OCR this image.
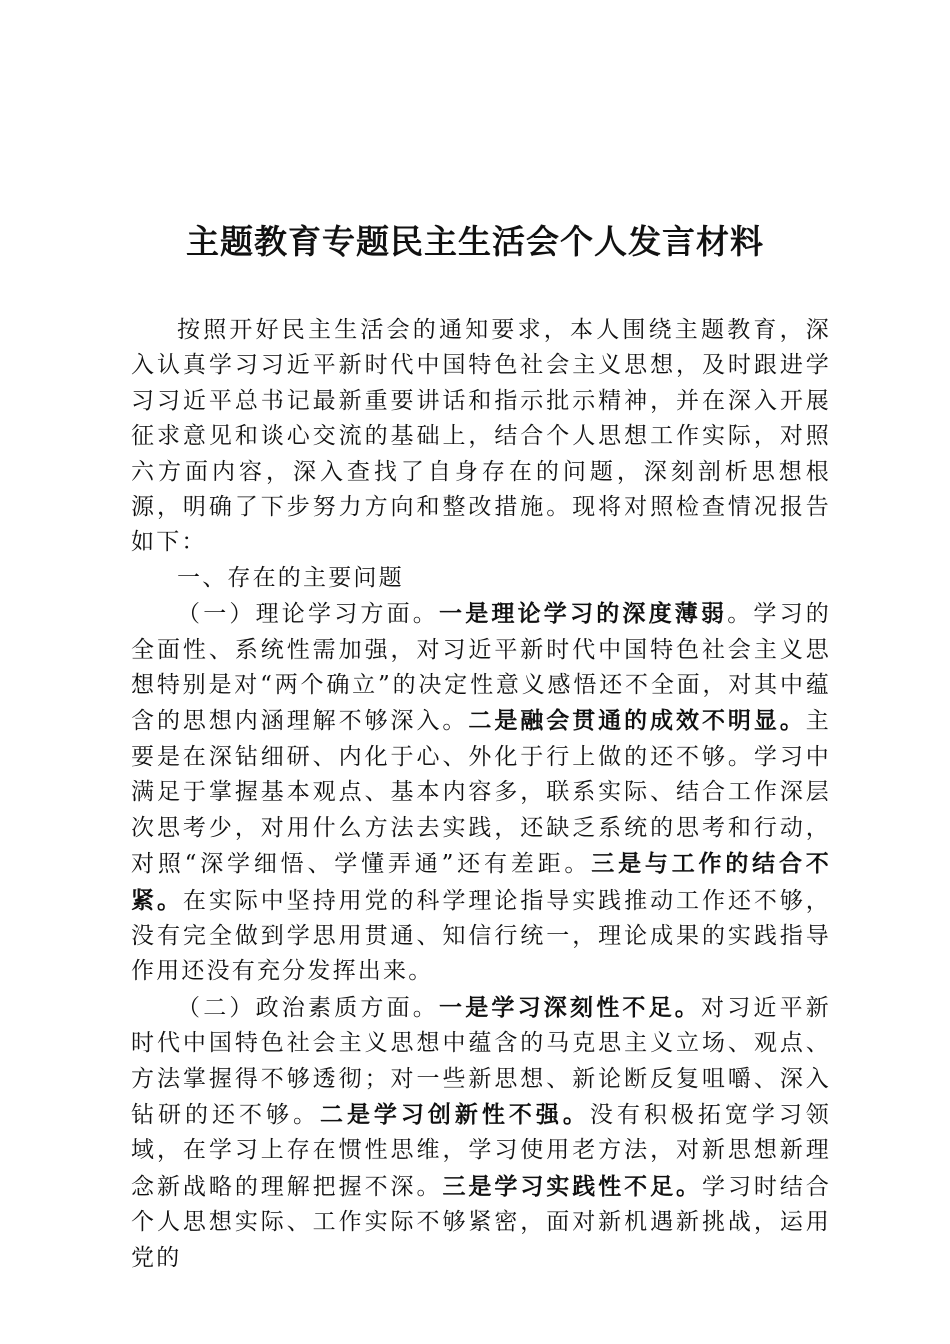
主题教育专题民主生活会个人发言材料

按照开好民主生活会的通知要求，本人围绕主题教育，深入认真学习习近平新时代中国特色社会主义思想，及时跟进学习习近平总书记最新重要讲话和指示批示精神，并在深入开展征求意见和谈心交流的基础上，结合个人思想工作实际，对照六方面内容，深入查找了自身存在的问题，深刻剖析思想根源，明确了下步努力方向和整改措施。现将对照检查情况报告如下：

一、存在的主要问题

（一）理论学习方面。一是理论学习的深度薄弱。学习的全面性、系统性需加强，对习近平新时代中国特色社会主义思想特别是对“两个确立”的决定性意义感悟还不全面，对其中蕴含的思想内涵理解不够深入。二是融会贯通的成效不明显。主要是在深钻细研、内化于心、外化于行上做的还不够。学习中满足于掌握基本观点、基本内容多，联系实际、结合工作深层次思考少，对用什么方法去实践，还缺乏系统的思考和行动，对照“深学细悟、学懂弄通”还有差距。三是与工作的结合不紧。在实际中坚持用党的科学理论指导实践推动工作还不够，没有完全做到学思用贯通、知信行统一，理论成果的实践指导作用还没有充分发挥出来。

（二）政治素质方面。一是学习深刻性不足。对习近平新时代中国特色社会主义思想中蕴含的马克思主义立场、观点、方法掌握得不够透彻；对一些新思想、新论断反复咀嚼、深入钻研的还不够。二是学习创新性不强。没有积极拓宽学习领域，在学习上存在惯性思维，学习使用老方法，对新思想新理念新战略的理解把握不深。三是学习实践性不足。学习时结合个人思想实际、工作实际不够紧密，面对新机遇新挑战，运用党的
